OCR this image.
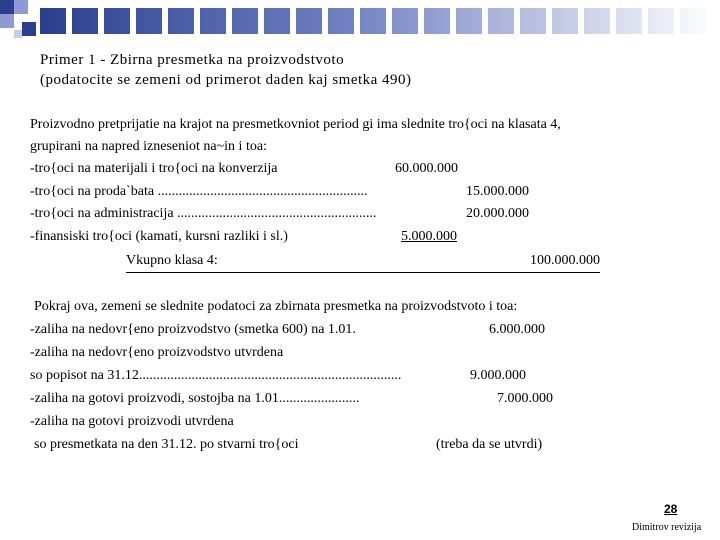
Primer 1 - Zbirna presmetka na proizvodstvoto
(podatocite se zemeni od primerot daden kaj smetka 490)
Proizvodno pretprijatie na krajot na presmetkovniot period gi ima slednite tro{oci na klasata 4,
grupirani na napred izneseniot na~in i toa:
-tro{oci na materijali i tro{oci na konverzija	60.000.000
-tro{oci na proda`bata ............................................................	15.000.000
-tro{oci na administracija .........................................................	20.000.000
-finansiski tro{oci (kamati, kursni razliki i sl.)	5.000.000
Vkupno klasa 4:	100.000.000
Pokraj ova, zemeni se slednite podatoci za zbirnata presmetka na proizvodstvoto i toa:
-zaliha na nedovr{eno proizvodstvo (smetka 600) na 1.01.	6.000.000
-zaliha na nedovr{eno proizvodstvo utvrdena
so popisot na 31.12...........................................................................	9.000.000
-zaliha na gotovi proizvodi, sostojba na 1.01.......................	7.000.000
-zaliha na gotovi proizvodi utvrdena
so presmetkata na den 31.12. po stvarni tro{oci	(treba da se utvrdi)
28
Dimitrov revizija
